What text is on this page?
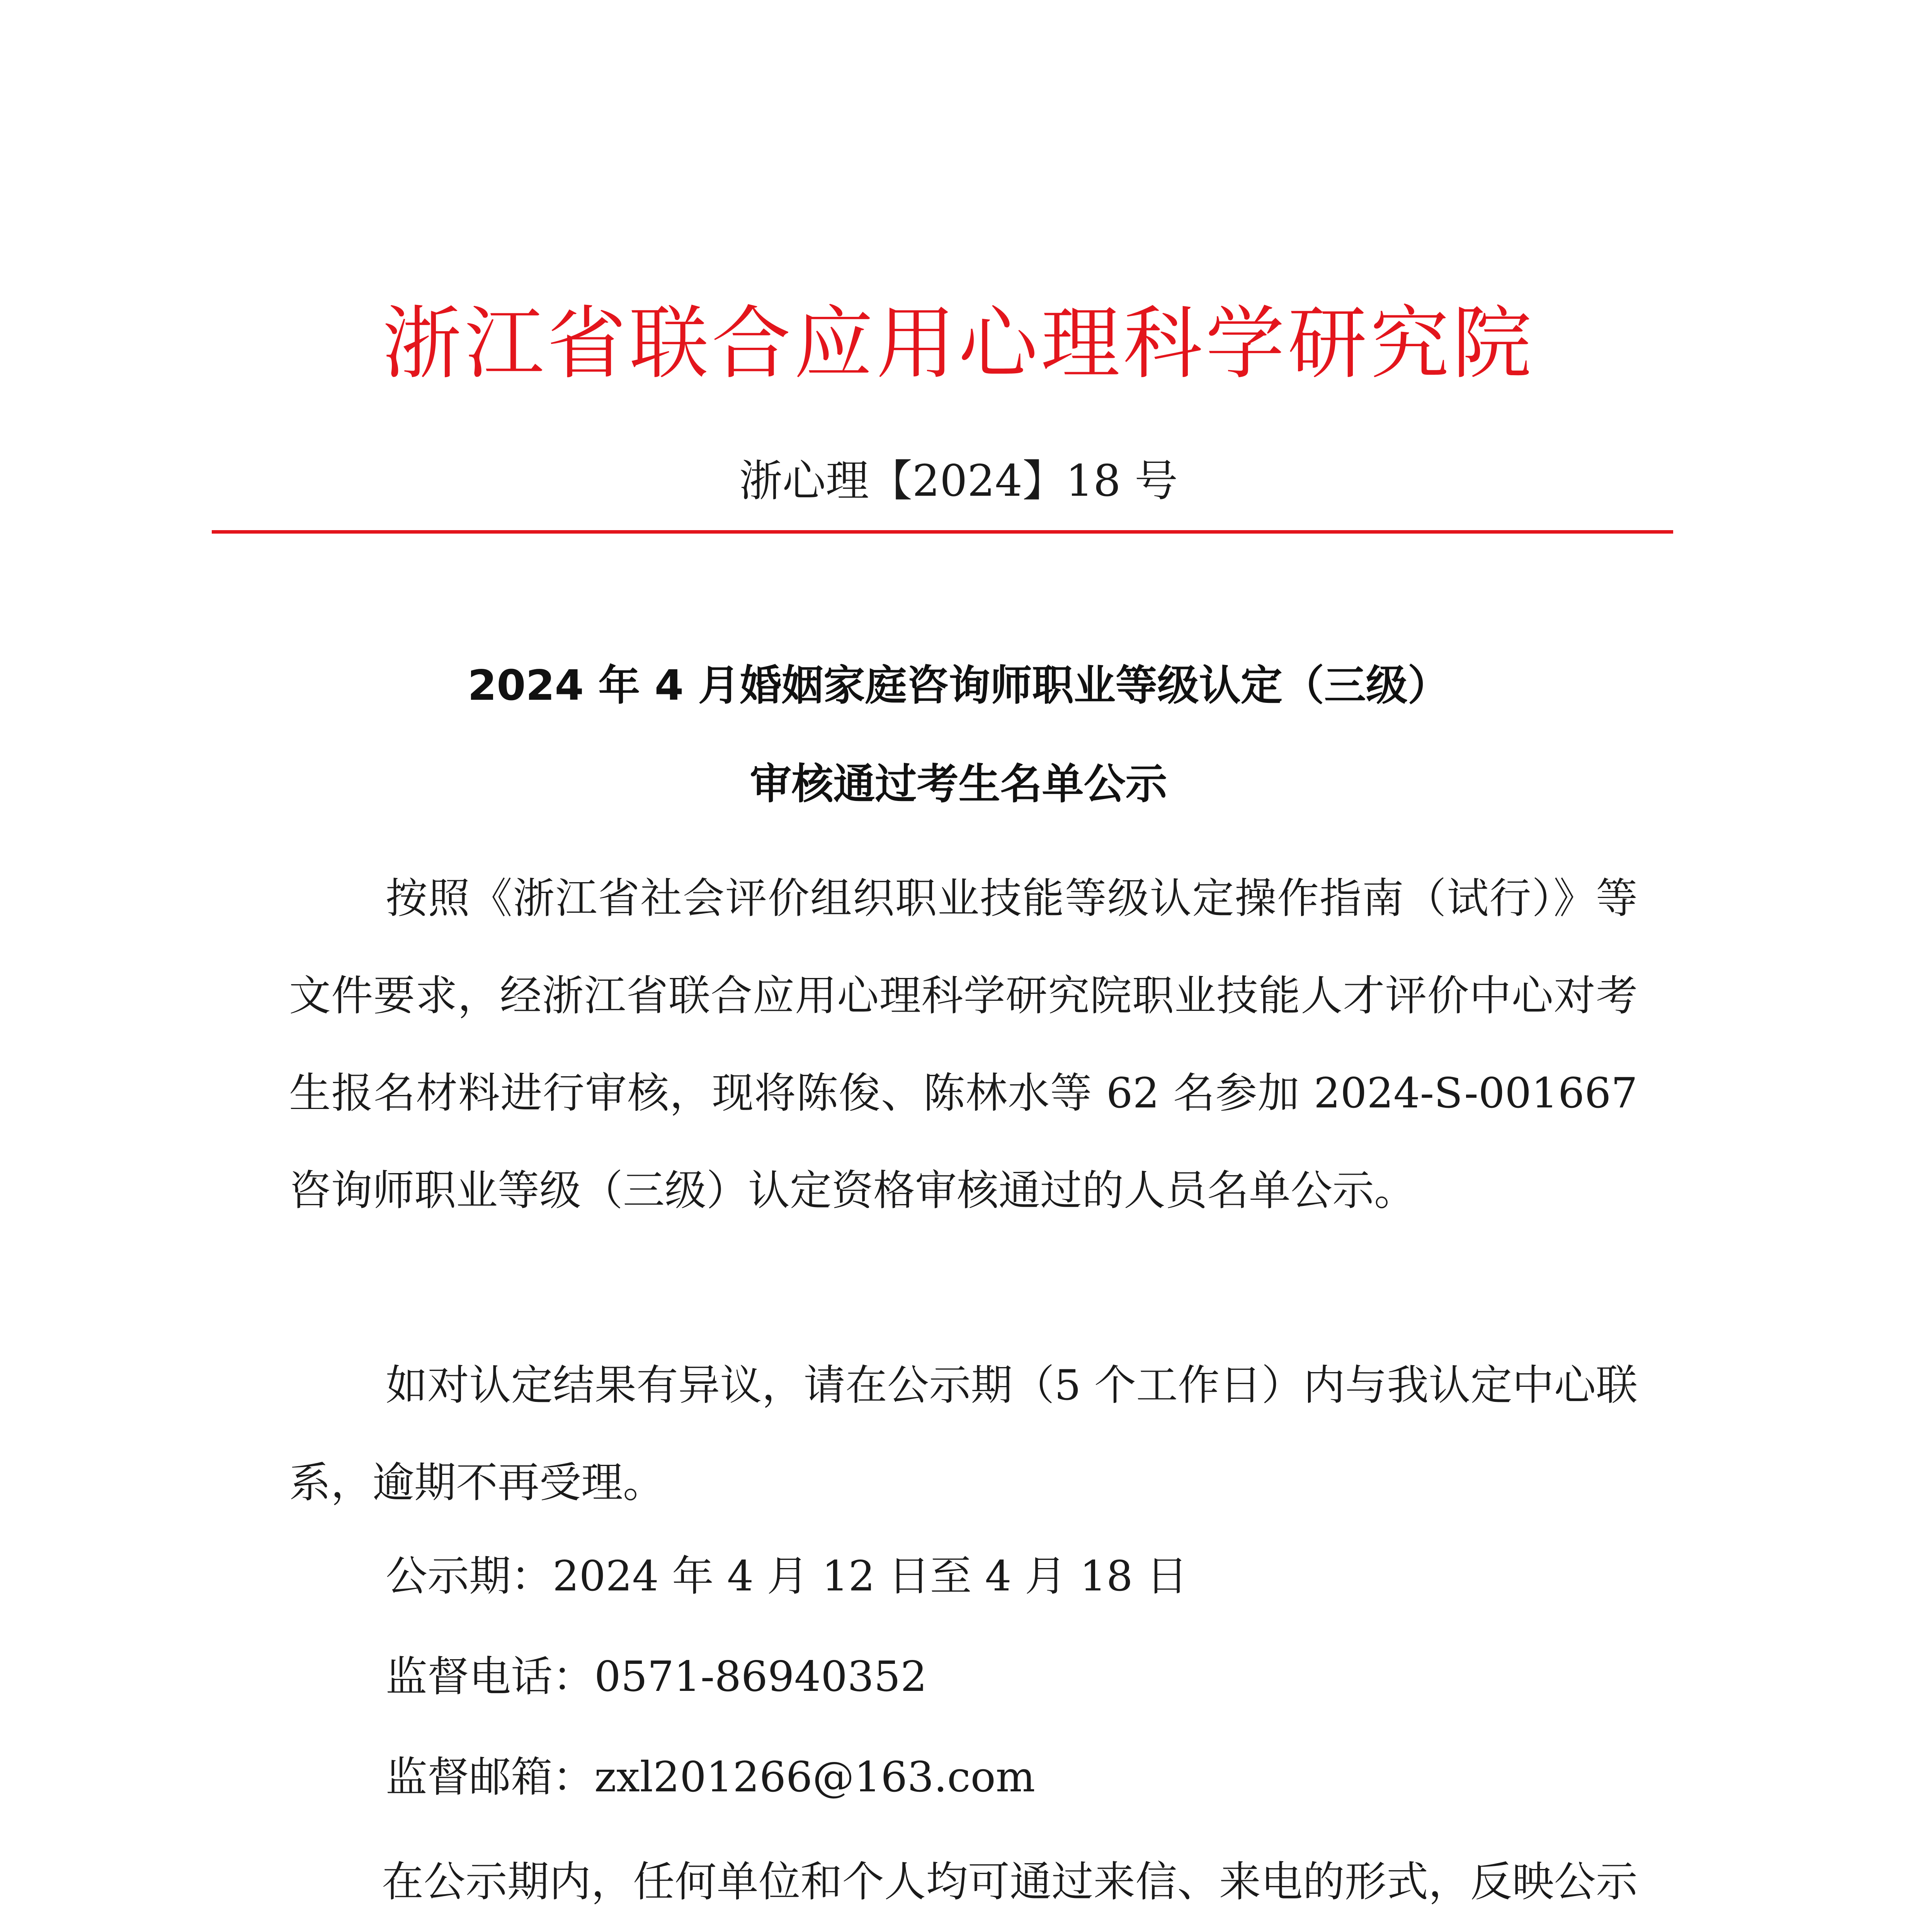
浙江省联合应用心理科学研究院
浙心理【2024】18 号
2024 年 4 月婚姻家庭咨询师职业等级认定（三级）
审核通过考生名单公示

按照《浙江省社会评价组织职业技能等级认定操作指南（试行）》等文件要求，经浙江省联合应用心理科学研究院职业技能人才评价中心对考生报名材料进行审核，现将陈俊、陈林水等 62 名参加 2024-S-001667 咨询师职业等级（三级）认定资格审核通过的人员名单公示。

如对认定结果有异议，请在公示期（5 个工作日）内与我认定中心联系，逾期不再受理。

公示期：2024 年 4 月 12 日至 4 月 18 日

监督电话：0571-86940352

监督邮箱：zxl201266@163.com

在公示期内，任何单位和个人均可通过来信、来电的形式，反映公示
